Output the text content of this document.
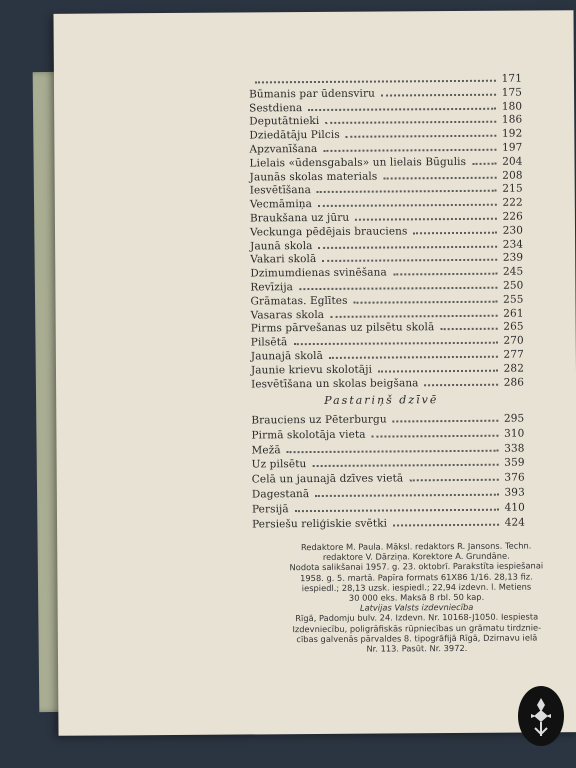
171
Būmanis par ūdensviru	175
Sestdiena	180
Deputātnieki	186
Dziedātāju Pilcis	192
Apzvanīšana	197
Lielais «ūdensgabals» un lielais Būgulis	204
Jaunās skolas materials	208
Iesvētīšana	215
Vecmāmiņa	222
Braukšana uz jūru	226
Veckunga pēdējais brauciens	230
Jaunā skola	234
Vakari skolā	239
Dzimumdienas svinēšana	245
Revīzija	250
Grāmatas. Eglītes	255
Vasaras skola	261
Pirms pārvešanas uz pilsētu skolā	265
Pilsētā	270
Jaunajā skolā	277
Jaunie krievu skolotāji	282
Iesvētīšana un skolas beigšana	286
Brauciens uz Pēterburgu	295
Pirmā skolotāja vieta	310
Mežā	338
Uz pilsētu	359
Celā un jaunajā dzīves vietā	376
Dagestanā	393
Persijā	410
Persiešu reliģiskie svētki	424
Pastariņš dzīvē
Redaktore M. Paula. Māksl. redaktors R. Jansons. Techn.
redaktore V. Dārziņa. Korektore A. Grundāne.
Nodota salikšanai 1957. g. 23. oktobrī. Parakstīta iespiešanai
1958. g. 5. martā. Papīra formats 61X86 1/16. 28,13 fiz.
iespiedl.; 28,13 uzsk. iespiedl.; 22,94 izdevn. l. Metiens
30 000 eks. Maksā 8 rbl. 50 kap.
Latvijas Valsts izdevniecība
Rīgā, Padomju bulv. 24. Izdevn. Nr. 10168-J1050. Iespiesta
Izdevniecību, poligrāfiskās rūpniecības un grāmatu tirdznie-
cības galvenās pārvaldes 8. tipogrāfijā Rīgā, Dzirnavu ielā
Nr. 113. Pasūt. Nr. 3972.
